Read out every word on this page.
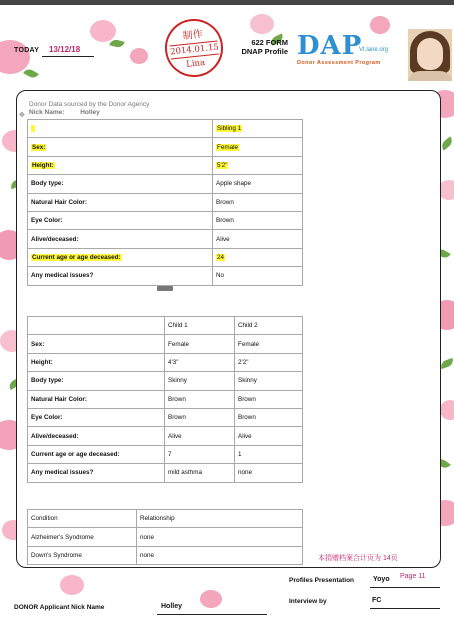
TODAY 13/12/18
制作
2014.01.15
Lina
622 FORM
DNAP Profile DAP
Vt.lane.org
Donor Assessment Program
Donor Data sourced by the Donor Agency
✥ Nick Name: Holley
	Sibling 1
Sex:	Female
Height:	5'2"
Body type:	Apple shape
Natural Hair Color:	Brown
Eye Color:	Brown
Alive/deceased:	Alive
Current age or age deceased:	24
Any medical issues?	No
	Child 1	Child 2
Sex:	Female	Female
Height:	4'3"	2'2"
Body type:	Skinny	Skinny
Natural Hair Color:	Brown	Brown
Eye Color:	Brown	Brown
Alive/deceased:	Alive	Alive
Current age or age deceased:	7	1
Any medical issues?	mild asthma	none
Condition	Relationship
Alzheimer's Syndrome	none
Down's Syndrome	none	本捐赠档案合计页为 14页
Profiles Presentation	Yoyo Page 11
Interview by	FC
DONOR Applicant Nick Name	Holley
